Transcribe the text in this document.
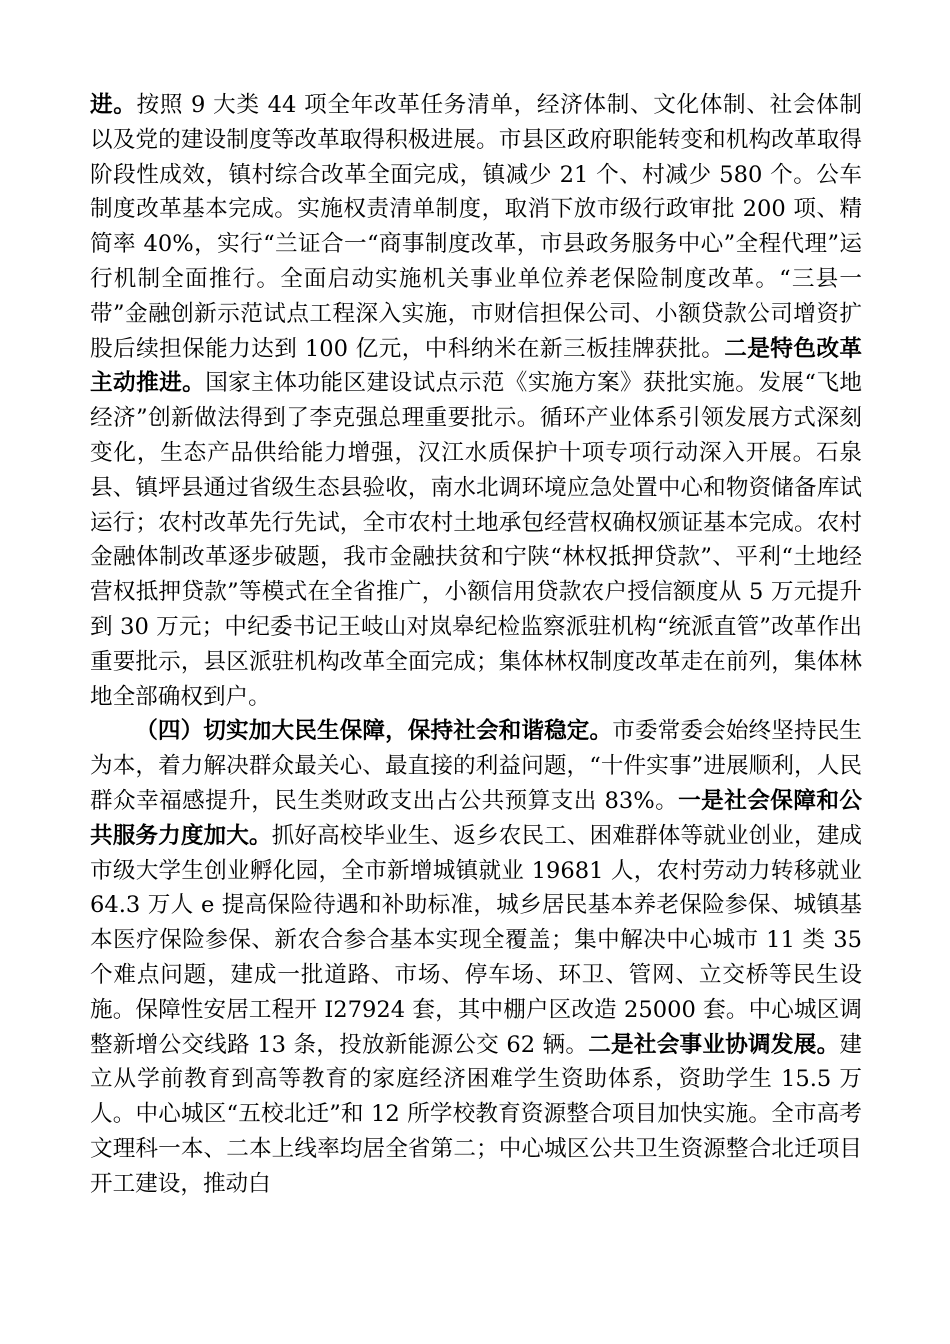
进。按照 9 大类 44 项全年改革任务清单，经济体制、文化体制、社会体制以及党的建设制度等改革取得积极进展。市县区政府职能转变和机构改革取得阶段性成效，镇村综合改革全面完成，镇减少 21 个、村减少 580 个。公车制度改革基本完成。实施权责清单制度，取消下放市级行政审批 200 项、精简率 40%，实行“兰证合一“商事制度改革，市县政务服务中心”全程代理”运行机制全面推行。全面启动实施机关事业单位养老保险制度改革。“三县一带”金融创新示范试点工程深入实施，市财信担保公司、小额贷款公司增资扩股后续担保能力达到 100 亿元，中科纳米在新三板挂牌获批。二是特色改革主动推进。国家主体功能区建设试点示范《实施方案》获批实施。发展“飞地经济”创新做法得到了李克强总理重要批示。循环产业体系引领发展方式深刻变化，生态产品供给能力增强，汉江水质保护十项专项行动深入开展。石泉县、镇坪县通过省级生态县验收，南水北调环境应急处置中心和物资储备库试运行；农村改革先行先试，全市农村土地承包经营权确权颁证基本完成。农村金融体制改革逐步破题，我市金融扶贫和宁陕“林权抵押贷款”、平利“土地经营权抵押贷款”等模式在全省推广，小额信用贷款农户授信额度从 5 万元提升到 30 万元；中纪委书记王岐山对岚皋纪检监察派驻机构“统派直管”改革作出重要批示，县区派驻机构改革全面完成；集体林权制度改革走在前列，集体林地全部确权到户。

（四）切实加大民生保障，保持社会和谐稳定。市委常委会始终坚持民生为本，着力解决群众最关心、最直接的利益问题，“十件实事”进展顺利，人民群众幸福感提升，民生类财政支出占公共预算支出 83%。一是社会保障和公共服务力度加大。抓好高校毕业生、返乡农民工、困难群体等就业创业，建成市级大学生创业孵化园，全市新增城镇就业 19681 人，农村劳动力转移就业 64.3 万人 e 提高保险待遇和补助标准，城乡居民基本养老保险参保、城镇基本医疗保险参保、新农合参合基本实现全覆盖；集中解决中心城市 11 类 35 个难点问题，建成一批道路、市场、停车场、环卫、管网、立交桥等民生设施。保障性安居工程开 I27924 套，其中棚户区改造 25000 套。中心城区调整新增公交线路 13 条，投放新能源公交 62 辆。二是社会事业协调发展。建立从学前教育到高等教育的家庭经济困难学生资助体系，资助学生 15.5 万人。中心城区“五校北迁”和 12 所学校教育资源整合项目加快实施。全市高考文理科一本、二本上线率均居全省第二；中心城区公共卫生资源整合北迁项目开工建设，推动白
